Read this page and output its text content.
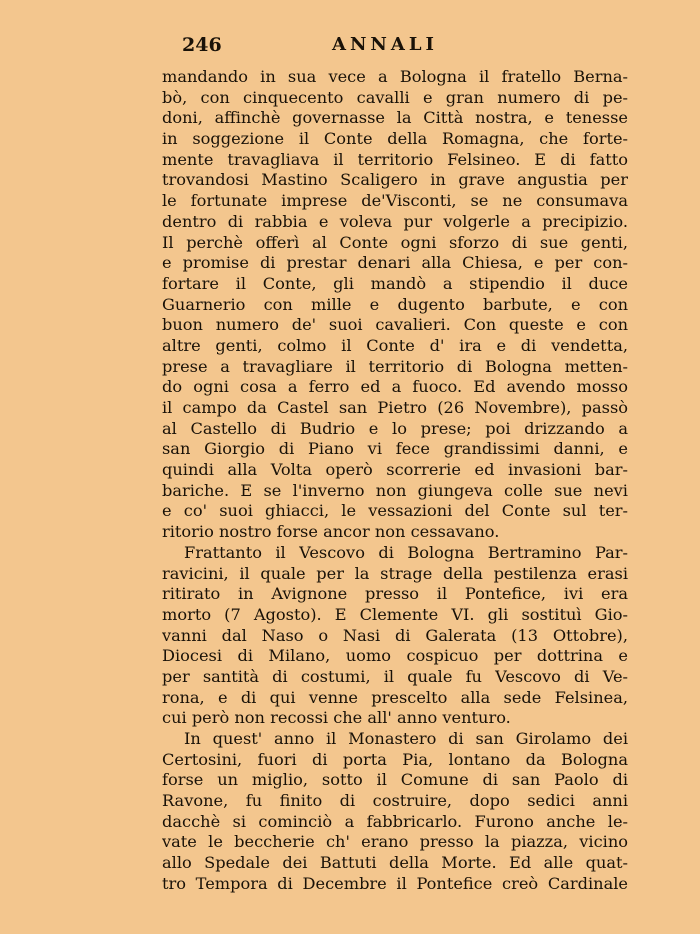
246	ANNALI
mandando in sua vece a Bologna il fratello Berna-
bò, con cinquecento cavalli e gran numero di pe-
doni, affinchè governasse la Città nostra, e tenesse
in soggezione il Conte della Romagna, che forte-
mente travagliava il territorio Felsineo. E di fatto
trovandosi Mastino Scaligero in grave angustia per
le fortunate imprese de'Visconti, se ne consumava
dentro di rabbia e voleva pur volgerle a precipizio.
Il perchè offerì al Conte ogni sforzo di sue genti,
e promise di prestar denari alla Chiesa, e per con-
fortare il Conte, gli mandò a stipendio il duce
Guarnerio con mille e dugento barbute, e con
buon numero de' suoi cavalieri. Con queste e con
altre genti, colmo il Conte d' ira e di vendetta,
prese a travagliare il territorio di Bologna metten-
do ogni cosa a ferro ed a fuoco. Ed avendo mosso
il campo da Castel san Pietro (26 Novembre), passò
al Castello di Budrio e lo prese; poi drizzando a
san Giorgio di Piano vi fece grandissimi danni, e
quindi alla Volta operò scorrerie ed invasioni bar-
bariche. E se l'inverno non giungeva colle sue nevi
e co' suoi ghiacci, le vessazioni del Conte sul ter-
ritorio nostro forse ancor non cessavano.
Frattanto il Vescovo di Bologna Bertramino Par-
ravicini, il quale per la strage della pestilenza erasi
ritirato in Avignone presso il Pontefice, ivi era
morto (7 Agosto). E Clemente VI. gli sostituì Gio-
vanni dal Naso o Nasi di Galerata (13 Ottobre),
Diocesi di Milano, uomo cospicuo per dottrina e
per santità di costumi, il quale fu Vescovo di Ve-
rona, e di qui venne prescelto alla sede Felsinea,
cui però non recossi che all' anno venturo.
In quest' anno il Monastero di san Girolamo dei
Certosini, fuori di porta Pia, lontano da Bologna
forse un miglio, sotto il Comune di san Paolo di
Ravone, fu finito di costruire, dopo sedici anni
dacchè si cominciò a fabbricarlo. Furono anche le-
vate le beccherie ch' erano presso la piazza, vicino
allo Spedale dei Battuti della Morte. Ed alle quat-
tro Tempora di Decembre il Pontefice creò Cardinale
